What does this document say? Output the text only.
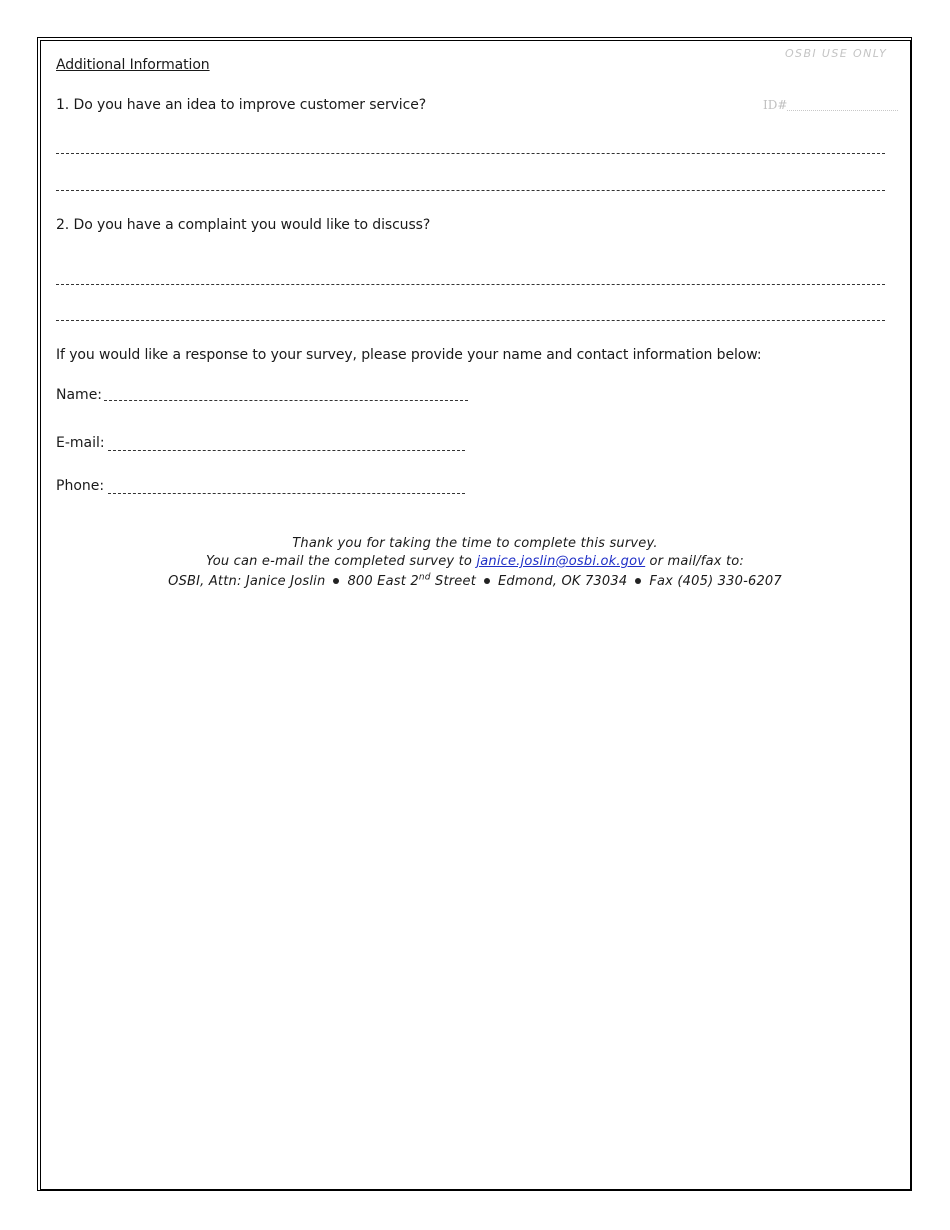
Additional Information
OSBI USE ONLY
ID#
1. Do you have an idea to improve customer service?
2. Do you have a complaint you would like to discuss?
If you would like a response to your survey, please provide your name and contact information below:
Name:
E-mail:
Phone:
Thank you for taking the time to complete this survey.
You can e-mail the completed survey to janice.joslin@osbi.ok.gov or mail/fax to:
OSBI, Attn: Janice Joslin 800 East 2nd Street Edmond, OK 73034 Fax (405) 330-6207
